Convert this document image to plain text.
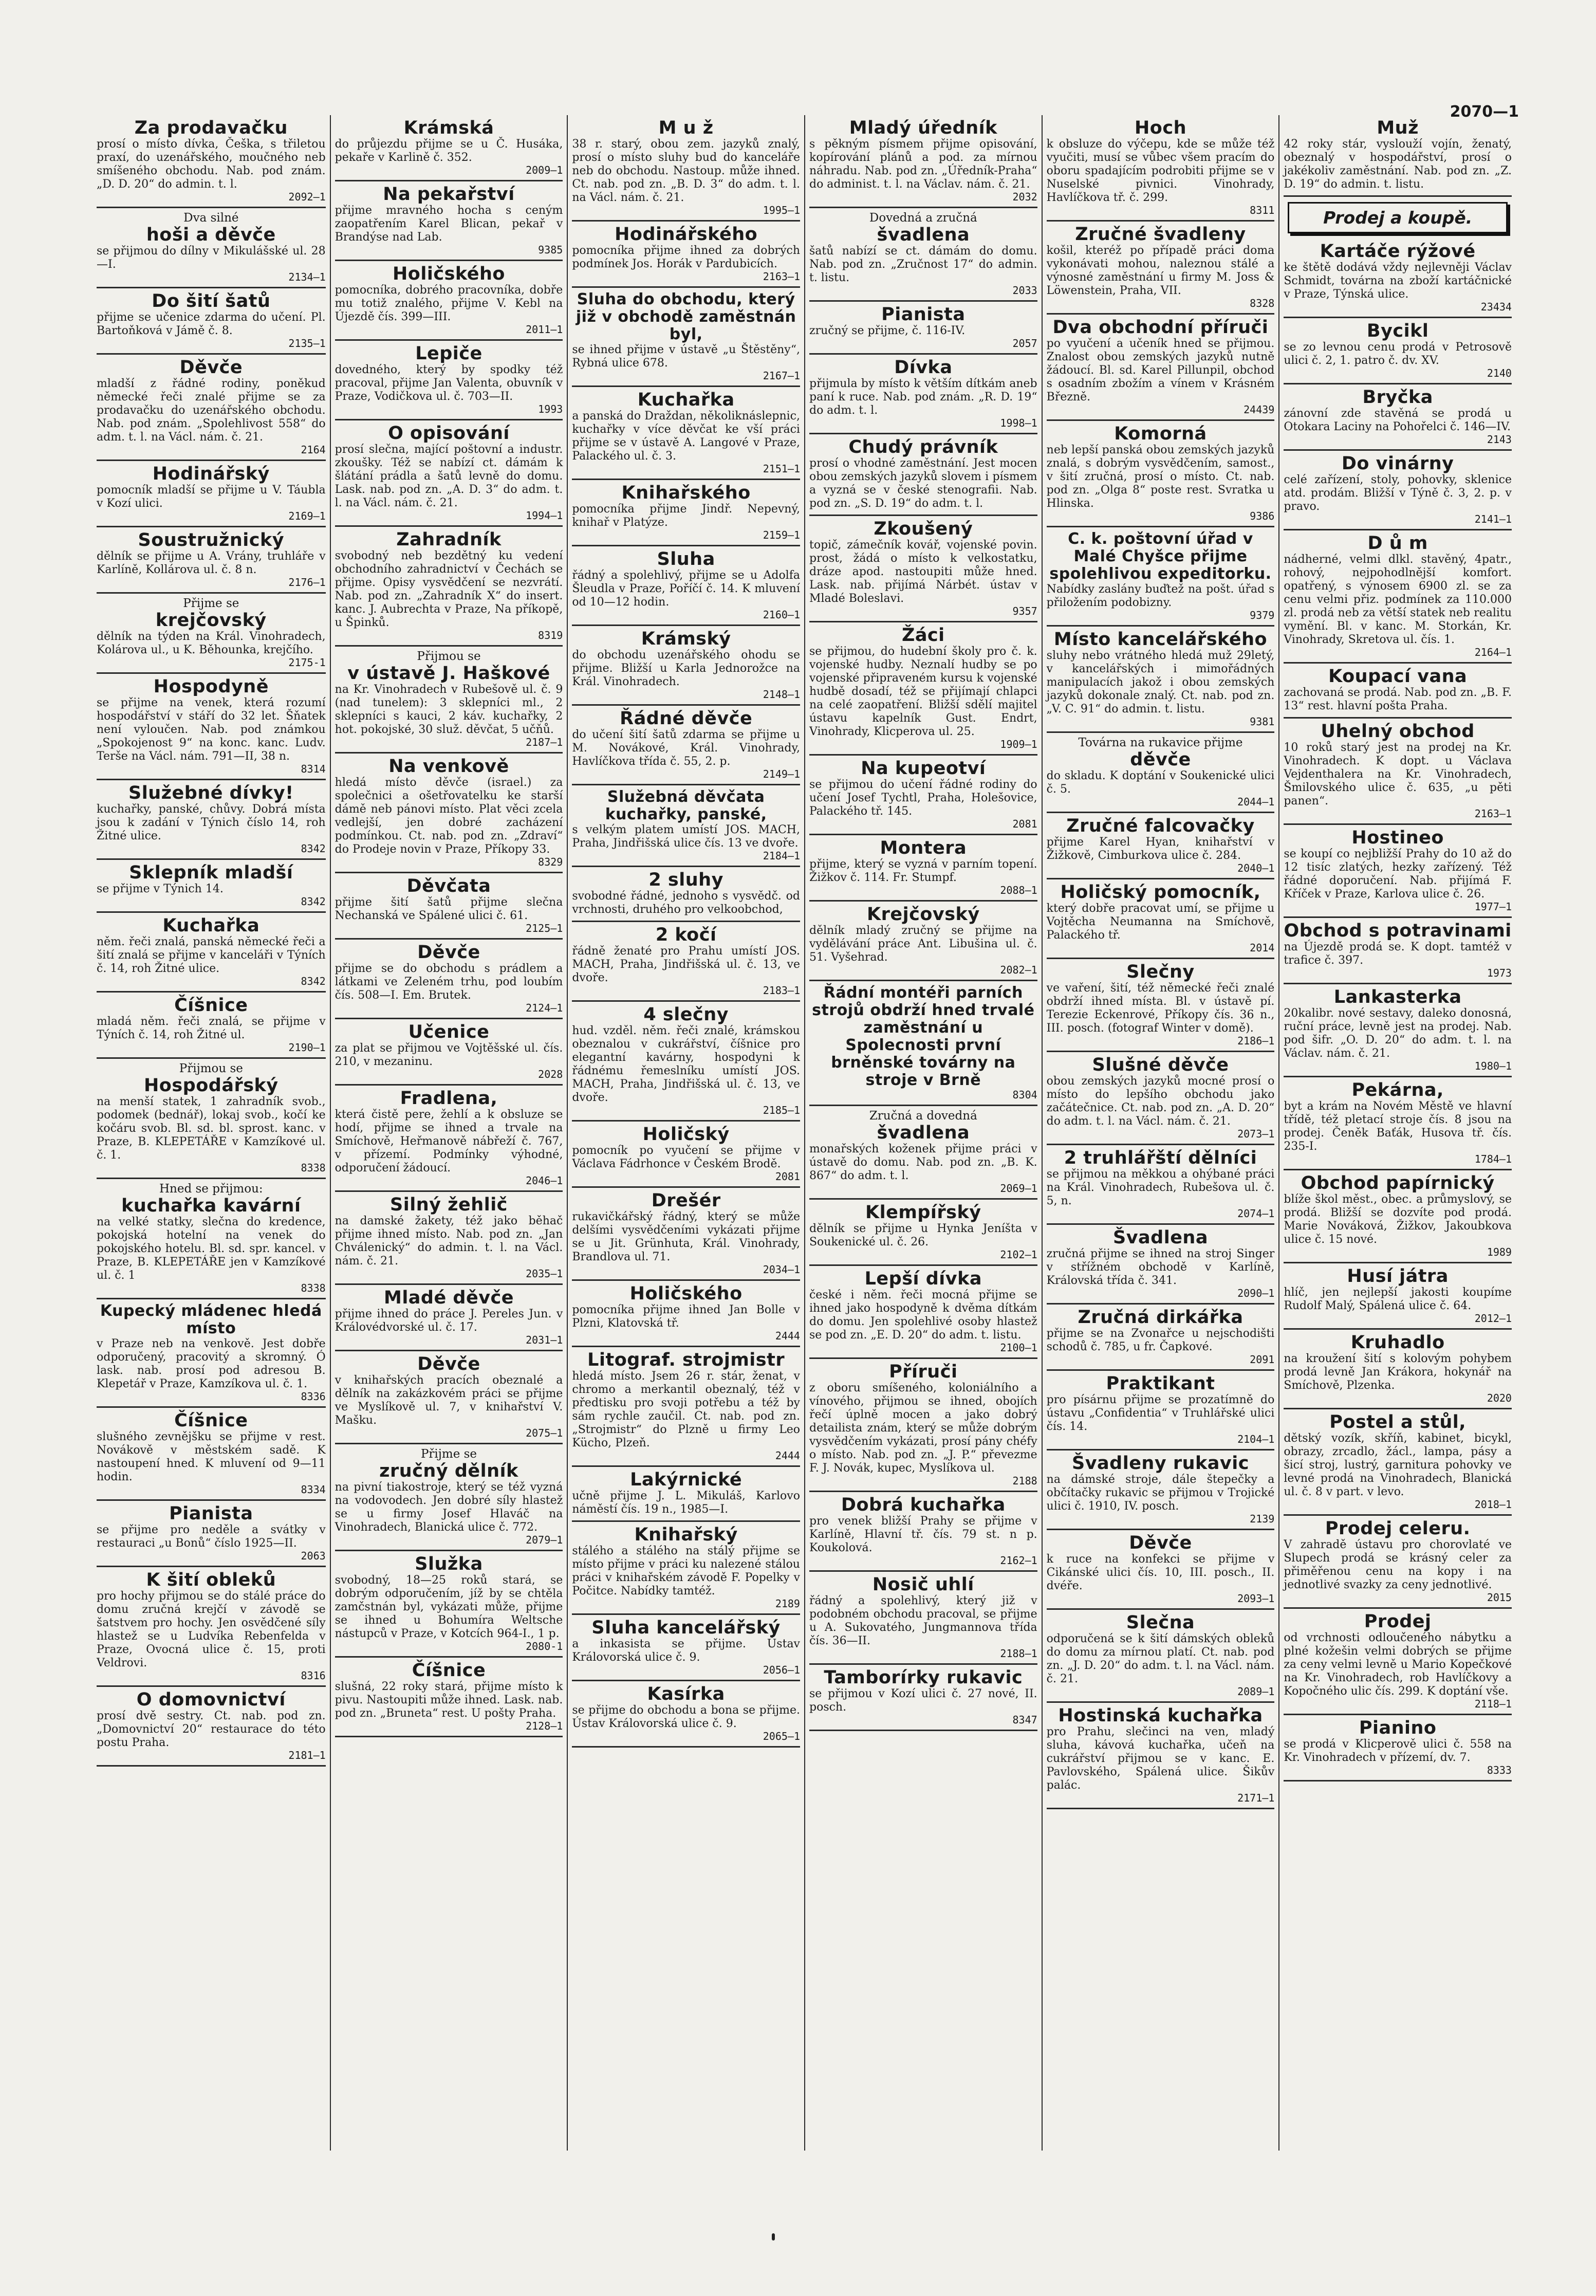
2070—1
Za prodavačku
prosí o místo dívka, Češka, s třiletou praxí, do uzenářského, moučného neb smíšeného obchodu. Nab. pod znám. „D. D. 20“ do admin. t. l.
2092—1
Dva silné
hoši a děvče
se přijmou do dílny v Mikulášské ul. 28—I.
2134—1
Do šití šatů
přijme se učenice zdarma do učení. Pl. Bartoňková v Jámě č. 8.
2135—1
Děvče
mladší z řádné rodiny, poněkud německé řeči znalé přijme se za prodavačku do uzenářského obchodu. Nab. pod znám. „Spolehlivost 558“ do adm. t. l. na Václ. nám. č. 21.
2164
Hodinářský
pomocník mladší se přijme u V. Táubla v Kozí ulici.
2169—1
Soustružnický
dělník se přijme u A. Vrány, truhláře v Karlíně, Kollárova ul. č. 8 n.
2176—1
Přijme se
krejčovský
dělník na týden na Král. Vinohradech, Kolárova ul., u K. Běhounka, krejčího.
2175-1
Hospodyně
se přijme na venek, která rozumí hospodářství v stáří do 32 let. Šňatek není vyloučen. Nab. pod známkou „Spokojenost 9“ na konc. kanc. Ludv. Terše na Václ. nám. 791—II, 38 n.
8314
Služebné dívky!
kuchařky, panské, chůvy. Dobrá místa jsou k zadání v Týnich číslo 14, roh Žitné ulice.
8342
Sklepník mladší
se přijme v Týnich 14.
8342
Kuchařka
něm. řeči znalá, panská německé řeči a šití znalá se přijme v kanceláři v Týních č. 14, roh Žitné ulice.
8342
Číšnice
mladá něm. řeči znalá, se přijme v Týních č. 14, roh Žitné ul.
2190—1
Přijmou se
Hospodářský
na menší statek, 1 zahradník svob., podomek (bednář), lokaj svob., kočí ke kočáru svob. Bl. sd. bl. sprost. kanc. v Praze, B. KLEPETÁŘE v Kamzíkové ul. č. 1.
8338
Hned se přijmou:
kuchařka kavární
na velké statky, slečna do kredence, pokojská hotelní na venek do pokojského hotelu. Bl. sd. spr. kancel. v Praze, B. KLEPETÁŘE jen v Kamzíkové ul. č. 1
8338
Kupecký mládenec hledá místo
v Praze neb na venkově. Jest dobře odporučený, pracovitý a skromný. Ó lask. nab. prosí pod adresou B. Klepetář v Praze, Kamzíkova ul. č. 1.
8336
Číšnice
slušného zevnějšku se přijme v rest. Novákově v městském sadě. K nastoupení hned. K mluvení od 9—11 hodin.
8334
Pianista
se přijme pro neděle a svátky v restauraci „u Bonů“ číslo 1925—II.
2063
K šití obleků
pro hochy přijmou se do stálé práce do domu zručná krejčí v závodě se šatstvem pro hochy. Jen osvědčené síly hlastež se u Ludvíka Rebenfelda v Praze, Ovocná ulice č. 15, proti Veldrovi.
8316
O domovnictví
prosí dvě sestry. Ct. nab. pod zn. „Domovnictví 20“ restaurace do této postu Praha.
2181—1
Krámská
do průjezdu přijme se u Č. Husáka, pekaře v Karlině č. 352.
2009—1
Na pekařství
přijme mravného hocha s ceným zaopatřením Karel Blican, pekař v Brandýse nad Lab.
9385
Holičského
pomocníka, dobrého pracovníka, dobře mu totiž znalého, přijme V. Kebl na Újezdě čís. 399—III.
2011—1
Lepiče
dovedného, který by spodky též pracoval, přijme Jan Valenta, obuvník v Praze, Vodičkova ul. č. 703—II.
1993
O opisování
prosí slečna, mající poštovní a industr. zkoušky. Též se nabízí ct. dámám k šlátání prádla a šatů levně do domu. Lask. nab. pod zn. „A. D. 3“ do adm. t. l. na Václ. nám. č. 21.
1994—1
Zahradník
svobodný neb bezdětný ku vedení obchodního zahradnictví v Čechách se přijme. Opisy vysvědčení se nezvrátí. Nab. pod zn. „Zahradník X“ do insert. kanc. J. Aubrechta v Praze, Na příkopě, u Špinků.
8319
Přijmou se
v ústavě J. Haškové
na Kr. Vinohradech v Rubešově ul. č. 9 (nad tunelem): 3 sklepníci ml., 2 sklepníci s kauci, 2 káv. kuchařky, 2 hot. pokojské, 30 služ. děvčat, 5 učňů.
2187—1
Na venkově
hledá místo děvče (israel.) za společnici a ošetřovatelku ke starší dámě neb pánovi místo. Plat věci zcela vedlejší, jen dobré zacházení podmínkou. Ct. nab. pod zn. „Zdraví“ do Prodeje novin v Praze, Příkopy 33.
8329
Děvčata
přijme šití šatů přijme slečna Nechanská ve Spálené ulici č. 61.
2125—1
Děvče
přijme se do obchodu s prádlem a látkami ve Zeleném trhu, pod loubím čís. 508—I. Em. Brutek.
2124—1
Učenice
za plat se přijmou ve Vojtěšské ul. čís. 210, v mezaninu.
2028
Fradlena,
která čistě pere, žehlí a k obsluze se hodí, přijme se ihned a trvale na Smíchově, Heřmanově nábřeží č. 767, v přízemí. Podmínky výhodné, odporučení žádoucí.
2046—1
Silný žehlič
na damské žakety, též jako běhač přijme ihned místo. Nab. pod zn. „Jan Chválenický“ do admin. t. l. na Václ. nám. č. 21.
2035—1
Mladé děvče
přijme ihned do práce J. Pereles Jun. v Královédvorské ul. č. 17.
2031—1
Děvče
v knihařských pracích obeznalé a dělník na zakázkovém práci se přijme ve Myslíkově ul. 7, v knihařství V. Mašku.
2075—1
Přijme se
zručný dělník
na pivní tiakostroje, který se též vyzná na vodovodech. Jen dobré síly hlastež se u firmy Josef Hlaváč na Vinohradech, Blanická ulice č. 772.
2079—1
Služka
svobodný, 18—25 roků stará, se dobrým odporučením, jíž by se chtěla zamčstnán byl, vykázati může, přijme se ihned u Bohumíra Weltsche nástupců v Praze, v Kotcích 964-I., 1 p.
2080-1
Číšnice
slušná, 22 roky stará, přijme místo k pivu. Nastoupiti může ihned. Lask. nab. pod zn. „Bruneta“ rest. U pošty Praha.
2128—1
M u ž
38 r. starý, obou zem. jazyků znalý, prosí o místo sluhy bud do kanceláře neb do obchodu. Nastoup. může ihned. Ct. nab. pod zn. „B. D. 3“ do adm. t. l. na Václ. nám. č. 21.
1995—1
Hodinářského
pomocníka přijme ihned za dobrých podmínek Jos. Horák v Pardubicích.
2163—1
Sluha do obchodu, který již v obchodě zaměstnán byl,
se ihned přijme v ústavě „u Štěstěny“, Rybná ulice 678.
2167—1
Kuchařka
a panská do Draždan, několiknáslepnic, kuchařky v více děvčat ke vší práci přijme se v ústavě A. Langové v Praze, Palackého ul. č. 3.
2151—1
Knihařského
pomocníka přijme Jindř. Nepevný, knihař v Platýze.
2159—1
Sluha
řádný a spolehlivý, přijme se u Adolfa Šleudla v Praze, Poříčí č. 14. K mluvení od 10—12 hodin.
2160—1
Krámský
do obchodu uzenářského ohodu se přijme. Bližší u Karla Jednorožce na Král. Vinohradech.
2148—1
Řádné děvče
do učení šití šatů zdarma se přijme u M. Novákové, Král. Vinohrady, Havlíčkova třída č. 55, 2. p.
2149—1
Služebná děvčata kuchařky, panské,
s velkým platem umístí JOS. MACH, Praha, Jindřišská ulice čís. 13 ve dvoře.
2184—1
2 sluhy
svobodné řádné, jednoho s vysvědč. od vrchnosti, druhého pro velkoobchod,
2 kočí
řádně ženaté pro Prahu umístí JOS. MACH, Praha, Jindřišská ul. č. 13, ve dvoře.
2183—1
4 slečny
hud. vzděl. něm. řeči znalé, krámskou obeznalou v cukrářství, číšnice pro elegantní kavárny, hospodyni k řádnému řemeslníku umístí JOS. MACH, Praha, Jindřišská ul. č. 13, ve dvoře.
2185—1
Holičský
pomocník po vyučení se přijme v Václava Fádrhonce v Českém Brodě.
2081
Drešér
rukavičkářský řádný, který se může delšími vysvědčeními vykázati přijme se u Jit. Grünhuta, Král. Vinohrady, Brandlova ul. 71.
2034—1
Holičského
pomocníka přijme ihned Jan Bolle v Plzni, Klatovská tř.
2444
Litograf. strojmistr
hledá místo. Jsem 26 r. stár, ženat, v chromo a merkantil obeznalý, též v předtisku pro svoji potřebu a též by sám rychle zaučil. Ct. nab. pod zn. „Strojmistr“ do Plzně u firmy Leo Kücho, Plzeň.
2444
Lakýrnické
učně přijme J. L. Mikuláš, Karlovo náměstí čís. 19 n., 1985—I.
Knihařský
stálého a stálého na stálý přijme se místo přijme v práci ku nalezené stálou práci v knihařském závodě F. Popelky v Počitce. Nabídky tamtéž.
2189
Sluha kancelářský
a inkasista se přijme. Ústav Královorská ulice č. 9.
2056—1
Kasírka
se přijme do obchodu a bona se přijme. Ústav Královorská ulice č. 9.
2065—1
Mladý úředník
s pěkným písmem přijme opisování, kopírování plánů a pod. za mírnou náhradu. Nab. pod zn. „Úředník-Praha“ do administ. t. l. na Václav. nám. č. 21.
2032
Dovedná a zručná
švadlena
šatů nabízí se ct. dámám do domu. Nab. pod zn. „Zručnost 17“ do admin. t. listu.
2033
Pianista
zručný se přijme, č. 116-IV.
2057
Dívka
přijmula by místo k větším dítkám aneb paní k ruce. Nab. pod znám. „R. D. 19“ do adm. t. l.
1998—1
Chudý právník
prosí o vhodné zaměstnání. Jest mocen obou zemských jazyků slovem i písmem a vyzná se v české stenografii. Nab. pod zn. „S. D. 19“ do adm. t. l.
Zkoušený
topič, zámečník kovář, vojenské povin. prost, žádá o místo k velkostatku, dráze apod. nastoupiti může hned. Lask. nab. přijímá Nárbét. ústav v Mladé Boleslavi.
9357
Žáci
se přijmou, do hudební školy pro č. k. vojenské hudby. Neznalí hudby se po vojenské připraveném kursu k vojenské hudbě dosadí, též se přijímají chlapci na celé zaopatření. Bližší sdělí majitel ústavu kapelník Gust. Endrt, Vinohrady, Klicperova ul. 25.
1909—1
Na kupeotví
se přijmou do učení řádné rodiny do učení Josef Tychtl, Praha, Holešovice, Palackého tř. 145.
2081
Montera
přijme, který se vyzná v parním topení. Žižkov č. 114. Fr. Stumpf.
2088—1
Krejčovský
dělník mladý zručný se přijme na vydělávání práce Ant. Libušina ul. č. 51. Vyšehrad.
2082—1
Řádní montéři parních strojů obdrží hned trvalé zaměstnání u Spolecnosti první brněnské továrny na stroje v Brně
8304
Zručná a dovedná
švadlena
monařských koženek přijme práci v ústavě do domu. Nab. pod zn. „B. K. 867“ do adm. t. l.
2069—1
Klempířský
dělník se přijme u Hynka Jeníšta v Soukenické ul. č. 26.
2102—1
Lepší dívka
české i něm. řeči mocná přijme se ihned jako hospodyně k dvěma dítkám do domu. Jen spolehlivé osoby hlastež se pod zn. „E. D. 20“ do adm. t. listu.
2100—1
Příruči
z oboru smíšeného, koloniálního a vínového, přijmou se ihned, obojích řečí úplně mocen a jako dobrý detailista znám, který se může dobrým vysvědčením vykázati, prosí pány chéfy o místo. Nab. pod zn. „J. P.“ převezme F. J. Novák, kupec, Myslíkova ul.
2188
Dobrá kuchařka
pro venek bližší Prahy se přijme v Karlíně, Hlavní tř. čís. 79 st. n p. Koukolová.
2162—1
Nosič uhlí
řádný a spolehlivý, který již v podobném obchodu pracoval, se přijme u A. Sukovatého, Jungmannova třída čís. 36—II.
2188—1
Tamborírky rukavic
se přijmou v Kozí ulici č. 27 nové, II. posch.
8347
Hoch
k obsluze do výčepu, kde se může též vyučiti, musí se vůbec všem pracím do oboru spadajícím podrobiti přijme se v Nuselské pivnici. Vinohrady, Havlíčkova tř. č. 299.
8311
Zručné švadleny
košil, kteréž po případě práci doma vykonávati mohou, naleznou stálé a výnosné zaměstnání u firmy M. Joss & Löwenstein, Praha, VII.
8328
Dva obchodní příruči
po vyučení a učeník hned se přijmou. Znalost obou zemských jazyků nutně žádoucí. Bl. sd. Karel Pillunpil, obchod s osadním zbožím a vínem v Krásném Březně.
24439
Komorná
neb lepší panská obou zemských jazyků znalá, s dobrým vysvědčením, samost., v šití zručná, prosí o místo. Ct. nab. pod zn. „Olga 8“ poste rest. Svratka u Hlinska.
9386
C. k. poštovní úřad v Malé Chyšce přijme spolehlivou expeditorku.
Nabídky zaslány buďtež na pošt. úřad s přiložením podobizny.
9379
Místo kancelářského
sluhy nebo vrátného hledá muž 29letý, v kancelářských i mimořádných manipulacích jakož i obou zemských jazyků dokonale znalý. Ct. nab. pod zn. „V. C. 91“ do admin. t. listu.
9381
Továrna na rukavice přijme
děvče
do skladu. K doptání v Soukenické ulici č. 5.
2044—1
Zručné falcovačky
přijme Karel Hyan, knihařství v Žižkově, Cimburkova ulice č. 284.
2040—1
Holičský pomocník,
který dobře pracovat umí, se přijme u Vojtěcha Neumanna na Smíchově, Palackého tř.
2014
Slečny
ve vaření, šití, též německé řeči znalé obdrží ihned místa. Bl. v ústavě pí. Terezie Eckenrové, Příkopy čís. 36 n., III. posch. (fotograf Winter v domě).
2186—1
Slušné děvče
obou zemských jazyků mocné prosí o místo do lepšího obchodu jako začátečnice. Ct. nab. pod zn. „A. D. 20“ do adm. t. l. na Václ. nám. č. 21.
2073—1
2 truhlářští dělníci
se přijmou na měkkou a ohýbané práci na Král. Vinohradech, Rubešova ul. č. 5, n.
2074—1
Švadlena
zručná přijme se ihned na stroj Singer v střížném obchodě v Karlíně, Královská třída č. 341.
2090—1
Zručná dirkářka
přijme se na Zvonařce u nejschodišti schodů č. 785, u fr. Čapkové.
2091
Praktikant
pro písárnu přijme se prozatímně do ústavu „Confidentia“ v Truhlářské ulici čís. 14.
2104—1
Švadleny rukavic
na dámské stroje, dále štepečky a občítačky rukavic se přijmou v Trojické ulici č. 1910, IV. posch.
2139
Děvče
k ruce na konfekci se přijme v Cikánské ulici čís. 10, III. posch., II. dvéře.
2093—1
Slečna
odporučená se k šití dámských obleků do domu za mírnou platí. Ct. nab. pod zn. „J. D. 20“ do adm. t. l. na Václ. nám. č. 21.
2089—1
Hostinská kuchařka
pro Prahu, slečinci na ven, mladý sluha, kávová kuchařka, učeň na cukrářství přijmou se v kanc. E. Pavlovského, Spálená ulice. Šikův palác.
2171—1
Muž
42 roky stár, vyslouží vojín, ženatý, obeznalý v hospodářství, prosí o jakékoliv zaměstnání. Nab. pod zn. „Z. D. 19“ do admin. t. listu.
Prodej a koupě.
Kartáče rýžové
ke štětě dodává vždy nejlevněji Václav Schmidt, továrna na zboží kartáčnické v Praze, Týnská ulice.
23434
Bycikl
se zo levnou cenu prodá v Petrosově ulici č. 2, 1. patro č. dv. XV.
2140
Bryčka
zánovní zde stavěná se prodá u Otokara Laciny na Pohořelci č. 146—IV.
2143
Do vinárny
celé zařízení, stoly, pohovky, sklenice atd. prodám. Bližší v Týně č. 3, 2. p. v pravo.
2141—1
D ů m
nádherné, velmi dlkl. stavěný, 4patr., rohový, nejpohodlnější komfort. opatřený, s výnosem 6900 zl. se za cenu velmi přiz. podmínek za 110.000 zl. prodá neb za větší statek neb realitu vymění. Bl. v kanc. M. Storkán, Kr. Vinohrady, Skretova ul. čís. 1.
2164—1
Koupací vana
zachovaná se prodá. Nab. pod zn. „B. F. 13“ rest. hlavní pošta Praha.
Uhelný obchod
10 roků starý jest na prodej na Kr. Vinohradech. K dopt. u Václava Vejdenthalera na Kr. Vinohradech, Šmilovského ulice č. 635, „u pěti panen“.
2163—1
Hostineo
se koupí co nejbližší Prahy do 10 až do 12 tisíc zlatých, hezky zařízený. Též řádné doporučení. Nab. přijímá F. Kříček v Praze, Karlova ulice č. 26.
1977—1
Obchod s potravinami
na Újezdě prodá se. K dopt. tamtéž v trafice č. 397.
1973
Lankasterka
20kalibr. nové sestavy, daleko donosná, ruční práce, levně jest na prodej. Nab. pod šifr. „O. D. 20“ do adm. t. l. na Václav. nám. č. 21.
1980—1
Pekárna,
byt a krám na Novém Městě ve hlavní třídě, též pletací stroje čís. 8 jsou na prodej. Čeněk Baťák, Husova tř. čís. 235-I.
1784—1
Obchod papírnický
blíže škol měst., obec. a průmyslový, se prodá. Bližší se dozvíte pod prodá. Marie Nováková, Žižkov, Jakoubkova ulice č. 15 nové.
1989
Husí játra
hlíč, jen nejlepší jakosti koupíme Rudolf Malý, Spálená ulice č. 64.
2012—1
Kruhadlo
na kroužení šití s kolovým pohybem prodá levně Jan Krákora, hokynář na Smíchově, Plzenka.
2020
Postel a stůl,
dětský vozík, skříň, kabinet, bicykl, obrazy, zrcadlo, žácl., lampa, pásy a šicí stroj, lustrý, garnitura pohovky ve levné prodá na Vinohradech, Blanická ul. č. 8 v part. v levo.
2018—1
Prodej celeru.
V zahradě ústavu pro chorovlaté ve Slupech prodá se krásný celer za přiměřenou cenu na kopy i na jednotlivé svazky za ceny jednotlivé.
2015
Prodej
od vrchnosti odloučeného nábytku a plné kožešin velmi dobrých se přijme za ceny velmi levně u Mario Kopečkové na Kr. Vinohradech, rob Havlíčkovy a Kopočného ulic čís. 299. K doptání vše.
2118—1
Pianino
se prodá v Klicperově ulici č. 558 na Kr. Vinohradech v přízemí, dv. 7.
8333
